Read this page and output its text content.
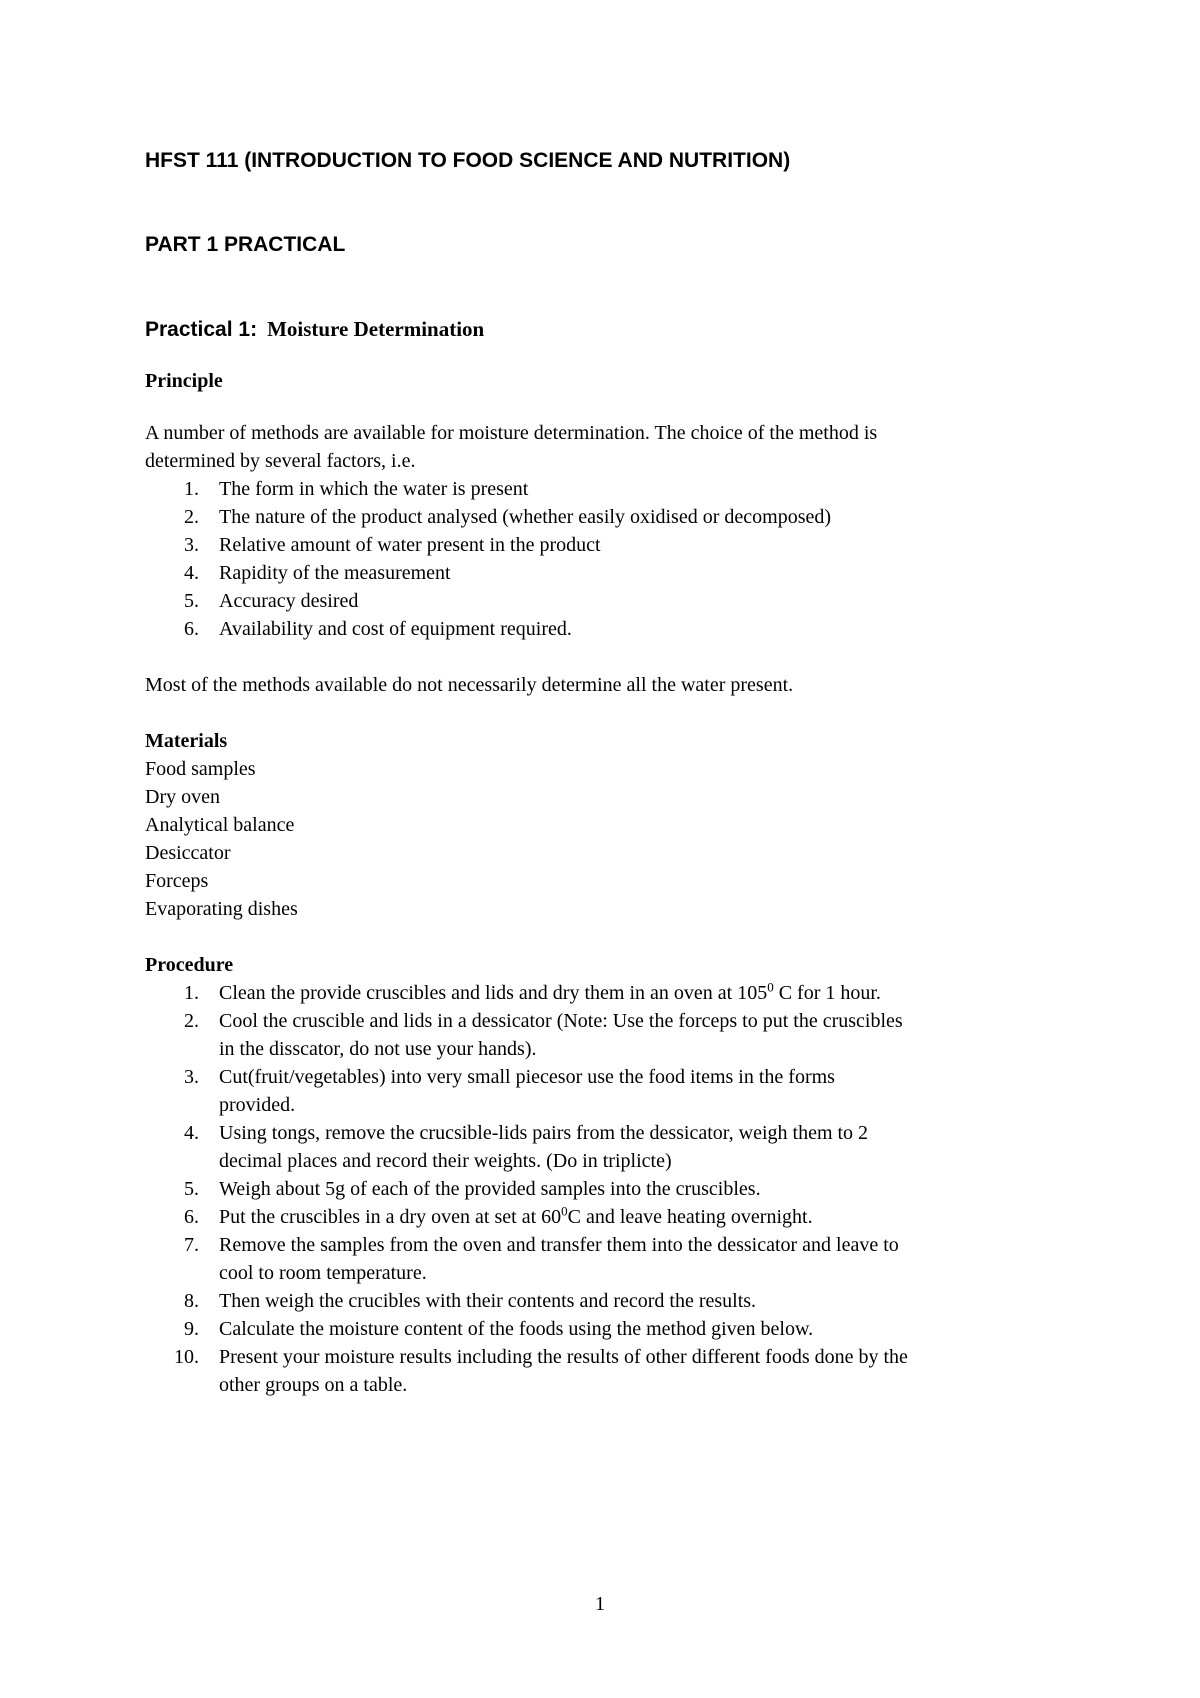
HFST 111 (INTRODUCTION TO FOOD SCIENCE AND NUTRITION)

PART 1 PRACTICAL

Practical 1: Moisture Determination

Principle

A number of methods are available for moisture determination. The choice of the method is

determined by several factors, i.e.

1. The form in which the water is present
2. The nature of the product analysed (whether easily oxidised or decomposed)
3. Relative amount of water present in the product
4. Rapidity of the measurement
5. Accuracy desired
6. Availability and cost of equipment required.

Most of the methods available do not necessarily determine all the water present.

Materials

Food samples
Dry oven
Analytical balance
Desiccator
Forceps
Evaporating dishes

Procedure

1. Clean the provide cruscibles and lids and dry them in an oven at $105^0$ C for 1 hour.
2. Cool the cruscible and lids in a dessicator (Note: Use the forceps to put the cruscibles
in the disscator, do not use your hands).
3. Cut(fruit/vegetables) into very small piecesor use the food items in the forms
provided.
4. Using tongs, remove the crucsible-lids pairs from the dessicator, weigh them to 2
decimal places and record their weights. (Do in triplicte)
5. Weigh about 5g of each of the provided samples into the cruscibles.
6. Put the cruscibles in a dry oven at set at $60^0C$ and leave heating overnight.
7. Remove the samples from the oven and transfer them into the dessicator and leave to
cool to room temperature.
8. Then weigh the crucibles with their contents and record the results.
9. Calculate the moisture content of the foods using the method given below.
10. Present your moisture results including the results of other different foods done by the
other groups on a table.
1
